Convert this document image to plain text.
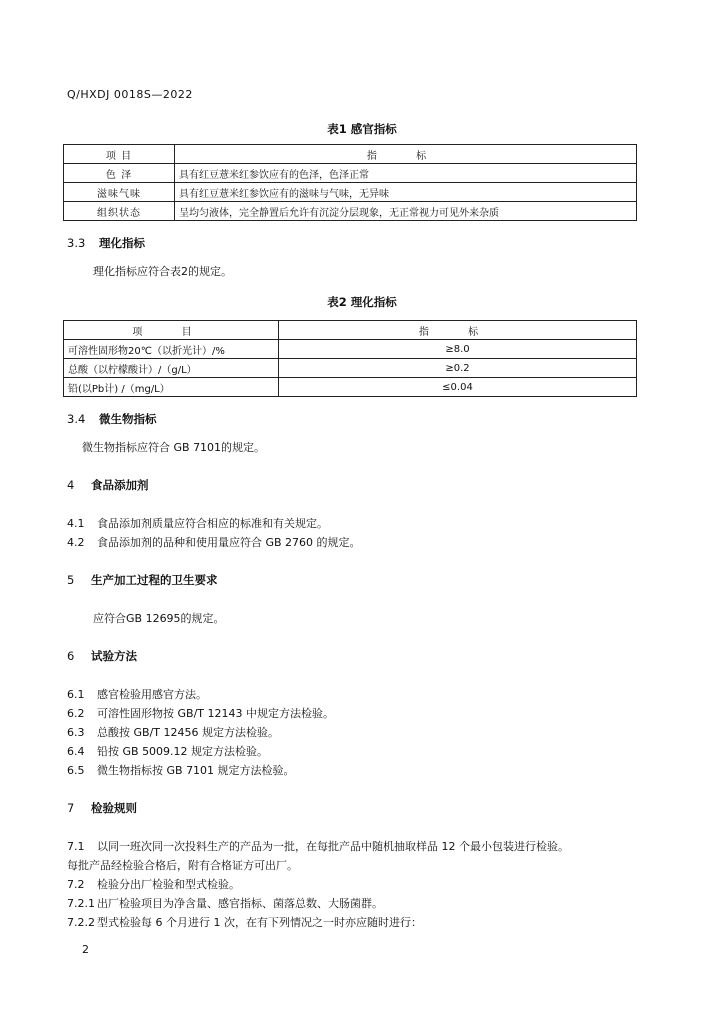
Q/HXDJ 0018S—2022
表1 感官指标
项 目	指 标
色 泽	具有红豆薏米红参饮应有的色泽，色泽正常
滋味气味	具有红豆薏米红参饮应有的滋味与气味，无异味
组织状态	呈均匀液体，完全静置后允许有沉淀分层现象，无正常视力可见外来杂质
3.3 理化指标
理化指标应符合表2的规定。
表2 理化指标
项 目	指 标
可溶性固形物20℃（以折光计）/%	≥8.0
总酸（以柠檬酸计）/（g/L）	≥0.2
铅(以Pb计) /（mg/L）	≤0.04
3.4 微生物指标
微生物指标应符合 GB 7101的规定。
4 食品添加剂
4.1 食品添加剂质量应符合相应的标准和有关规定。
4.2 食品添加剂的品种和使用量应符合 GB 2760 的规定。
5 生产加工过程的卫生要求
应符合GB 12695的规定。
6 试验方法
6.1 感官检验用感官方法。
6.2 可溶性固形物按 GB/T 12143 中规定方法检验。
6.3 总酸按 GB/T 12456 规定方法检验。
6.4 铅按 GB 5009.12 规定方法检验。
6.5 微生物指标按 GB 7101 规定方法检验。
7 检验规则
7.1 以同一班次同一次投料生产的产品为一批，在每批产品中随机抽取样品 12 个最小包装进行检验。
每批产品经检验合格后，附有合格证方可出厂。
7.2 检验分出厂检验和型式检验。
7.2.1 出厂检验项目为净含量、感官指标、菌落总数、大肠菌群。
7.2.2 型式检验每 6 个月进行 1 次，在有下列情况之一时亦应随时进行：
2
